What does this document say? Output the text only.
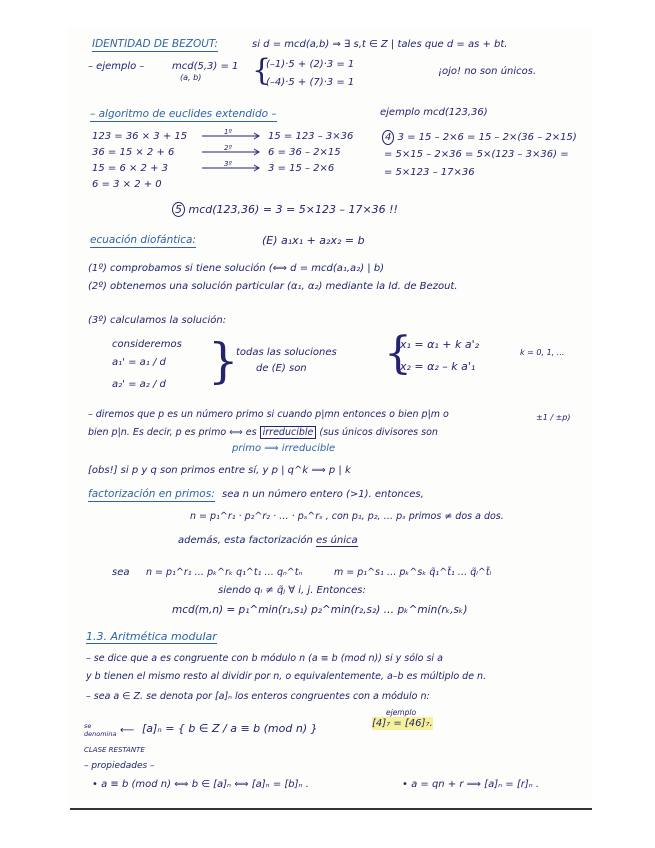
IDENTIDAD DE BEZOUT:	si d = mcd(a,b) ⇒ ∃ s,t ∈ Z | tales que d = as + bt.
– ejemplo –	mcd(5,3) = 1
(a, b) {
(–1)·5 + (2)·3 = 1
(–4)·5 + (7)·3 = 1
¡ojo! no son únicos.
– algoritmo de euclides extendido –	ejemplo mcd(123,36)
123 = 36 × 3 + 15
36 = 15 × 2 + 6
15 = 6 × 2 + 3
6 = 3 × 2 + 0
1º
2º
3º
15 = 123 – 3×36
6 = 36 – 2×15
3 = 15 – 2×6
4 3 = 15 – 2×6 = 15 – 2×(36 – 2×15)
= 5×15 – 2×36 = 5×(123 – 3×36) =
= 5×123 – 17×36
5 mcd(123,36) = 3 = 5×123 – 17×36 !!
ecuación diofántica:	(E) a₁x₁ + a₂x₂ = b
(1º) comprobamos si tiene solución (⟺ d = mcd(a₁,a₂) | b)
(2º) obtenemos una solución particular (α₁, α₂) mediante la Id. de Bezout.
(3º) calculamos la solución:
consideremos
a₁' = a₁ / d
a₂' = a₂ / d }
todas las soluciones
de (E) son {
x₁ = α₁ + k a'₂
x₂ = α₂ – k a'₁
k = 0, 1, ...
– diremos que p es un número primo si cuando p|mn entonces o bien p|m o
bien p|n. Es decir, p es primo ⟺ es irreducible (sus únicos divisores son
±1 / ±p)
primo ⟹ irreducible
[obs!] si p y q son primos entre sí, y p | q^k ⟹ p | k
factorización en primos: sea n un número entero (>1). entonces,
n = p₁^r₁ · p₂^r₂ · … · pₛ^rₛ , con p₁, p₂, … pₛ primos ≠ dos a dos.
además, esta factorización es única
sea n = p₁^r₁ … pₖ^rₖ q₁^t₁ … qₙ^tₙ	m = p₁^s₁ … pₖ^sₖ q̃₁^t̃₁ … q̃ₗ^t̃ₗ
siendo qᵢ ≠ q̃ⱼ ∀ i, j. Entonces:
mcd(m,n) = p₁^min(r₁,s₁) p₂^min(r₂,s₂) … pₖ^min(rₖ,sₖ)
1.3. Aritmética modular
– se dice que a es congruente con b módulo n (a ≡ b (mod n)) si y sólo si a
y b tienen el mismo resto al dividir por n, o equivalentemente, a–b es múltiplo de n.
– sea a ∈ Z. se denota por [a]ₙ los enteros congruentes con a módulo n:
ejemplo
[4]₇ = [46]₇.
se denomina ⟵ [a]ₙ = { b ∈ Z / a ≡ b (mod n) }
CLASE RESTANTE
– propiedades –
• a ≡ b (mod n) ⟺ b ∈ [a]ₙ ⟺ [a]ₙ = [b]ₙ .	• a = qn + r ⟹ [a]ₙ = [r]ₙ .
